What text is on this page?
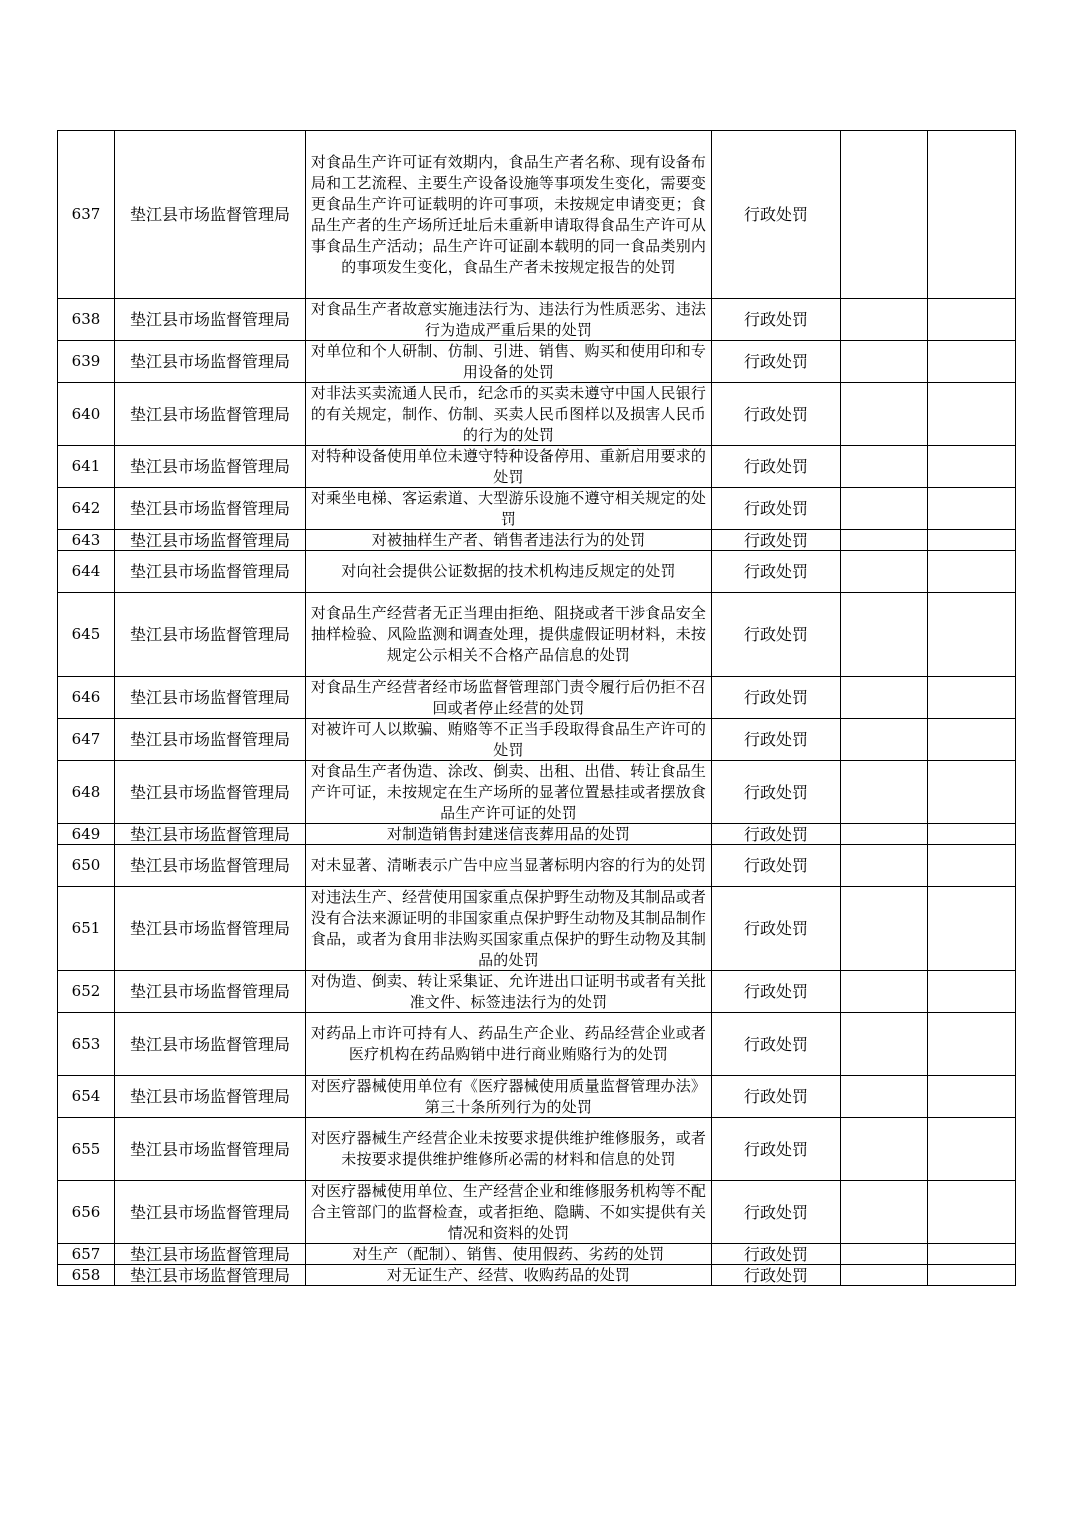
637	垫江县市场监督管理局	对食品生产许可证有效期内，食品生产者名称、现有设备布局和工艺流程、主要生产设备设施等事项发生变化，需要变更食品生产许可证载明的许可事项，未按规定申请变更；食品生产者的生产场所迁址后未重新申请取得食品生产许可从事食品生产活动；品生产许可证副本载明的同一食品类别内的事项发生变化，食品生产者未按规定报告的处罚	行政处罚		

638	垫江县市场监督管理局	对食品生产者故意实施违法行为、违法行为性质恶劣、违法行为造成严重后果的处罚	行政处罚		

639	垫江县市场监督管理局	对单位和个人研制、仿制、引进、销售、购买和使用印和专用设备的处罚	行政处罚		

640	垫江县市场监督管理局	对非法买卖流通人民币，纪念币的买卖未遵守中国人民银行的有关规定，制作、仿制、买卖人民币图样以及损害人民币的行为的处罚	行政处罚		

641	垫江县市场监督管理局	对特种设备使用单位未遵守特种设备停用、重新启用要求的处罚	行政处罚		

642	垫江县市场监督管理局	对乘坐电梯、客运索道、大型游乐设施不遵守相关规定的处罚	行政处罚		

643	垫江县市场监督管理局	对被抽样生产者、销售者违法行为的处罚	行政处罚		

644	垫江县市场监督管理局	对向社会提供公证数据的技术机构违反规定的处罚	行政处罚		

645	垫江县市场监督管理局	对食品生产经营者无正当理由拒绝、阻挠或者干涉食品安全抽样检验、风险监测和调查处理，提供虚假证明材料，未按规定公示相关不合格产品信息的处罚	行政处罚		

646	垫江县市场监督管理局	对食品生产经营者经市场监督管理部门责令履行后仍拒不召回或者停止经营的处罚	行政处罚		

647	垫江县市场监督管理局	对被许可人以欺骗、贿赂等不正当手段取得食品生产许可的处罚	行政处罚		

648	垫江县市场监督管理局	对食品生产者伪造、涂改、倒卖、出租、出借、转让食品生产许可证，未按规定在生产场所的显著位置悬挂或者摆放食品生产许可证的处罚	行政处罚		

649	垫江县市场监督管理局	对制造销售封建迷信丧葬用品的处罚	行政处罚		

650	垫江县市场监督管理局	对未显著、清晰表示广告中应当显著标明内容的行为的处罚	行政处罚		

651	垫江县市场监督管理局	对违法生产、经营使用国家重点保护野生动物及其制品或者没有合法来源证明的非国家重点保护野生动物及其制品制作食品，或者为食用非法购买国家重点保护的野生动物及其制品的处罚	行政处罚		

652	垫江县市场监督管理局	对伪造、倒卖、转让采集证、允许进出口证明书或者有关批准文件、标签违法行为的处罚	行政处罚		

653	垫江县市场监督管理局	对药品上市许可持有人、药品生产企业、药品经营企业或者医疗机构在药品购销中进行商业贿赂行为的处罚	行政处罚		

654	垫江县市场监督管理局	对医疗器械使用单位有《医疗器械使用质量监督管理办法》第三十条所列行为的处罚	行政处罚		

655	垫江县市场监督管理局	对医疗器械生产经营企业未按要求提供维护维修服务，或者未按要求提供维护维修所必需的材料和信息的处罚	行政处罚		

656	垫江县市场监督管理局	对医疗器械使用单位、生产经营企业和维修服务机构等不配合主管部门的监督检查，或者拒绝、隐瞒、不如实提供有关情况和资料的处罚	行政处罚		

657	垫江县市场监督管理局	对生产（配制）、销售、使用假药、劣药的处罚	行政处罚		

658	垫江县市场监督管理局	对无证生产、经营、收购药品的处罚	行政处罚		
